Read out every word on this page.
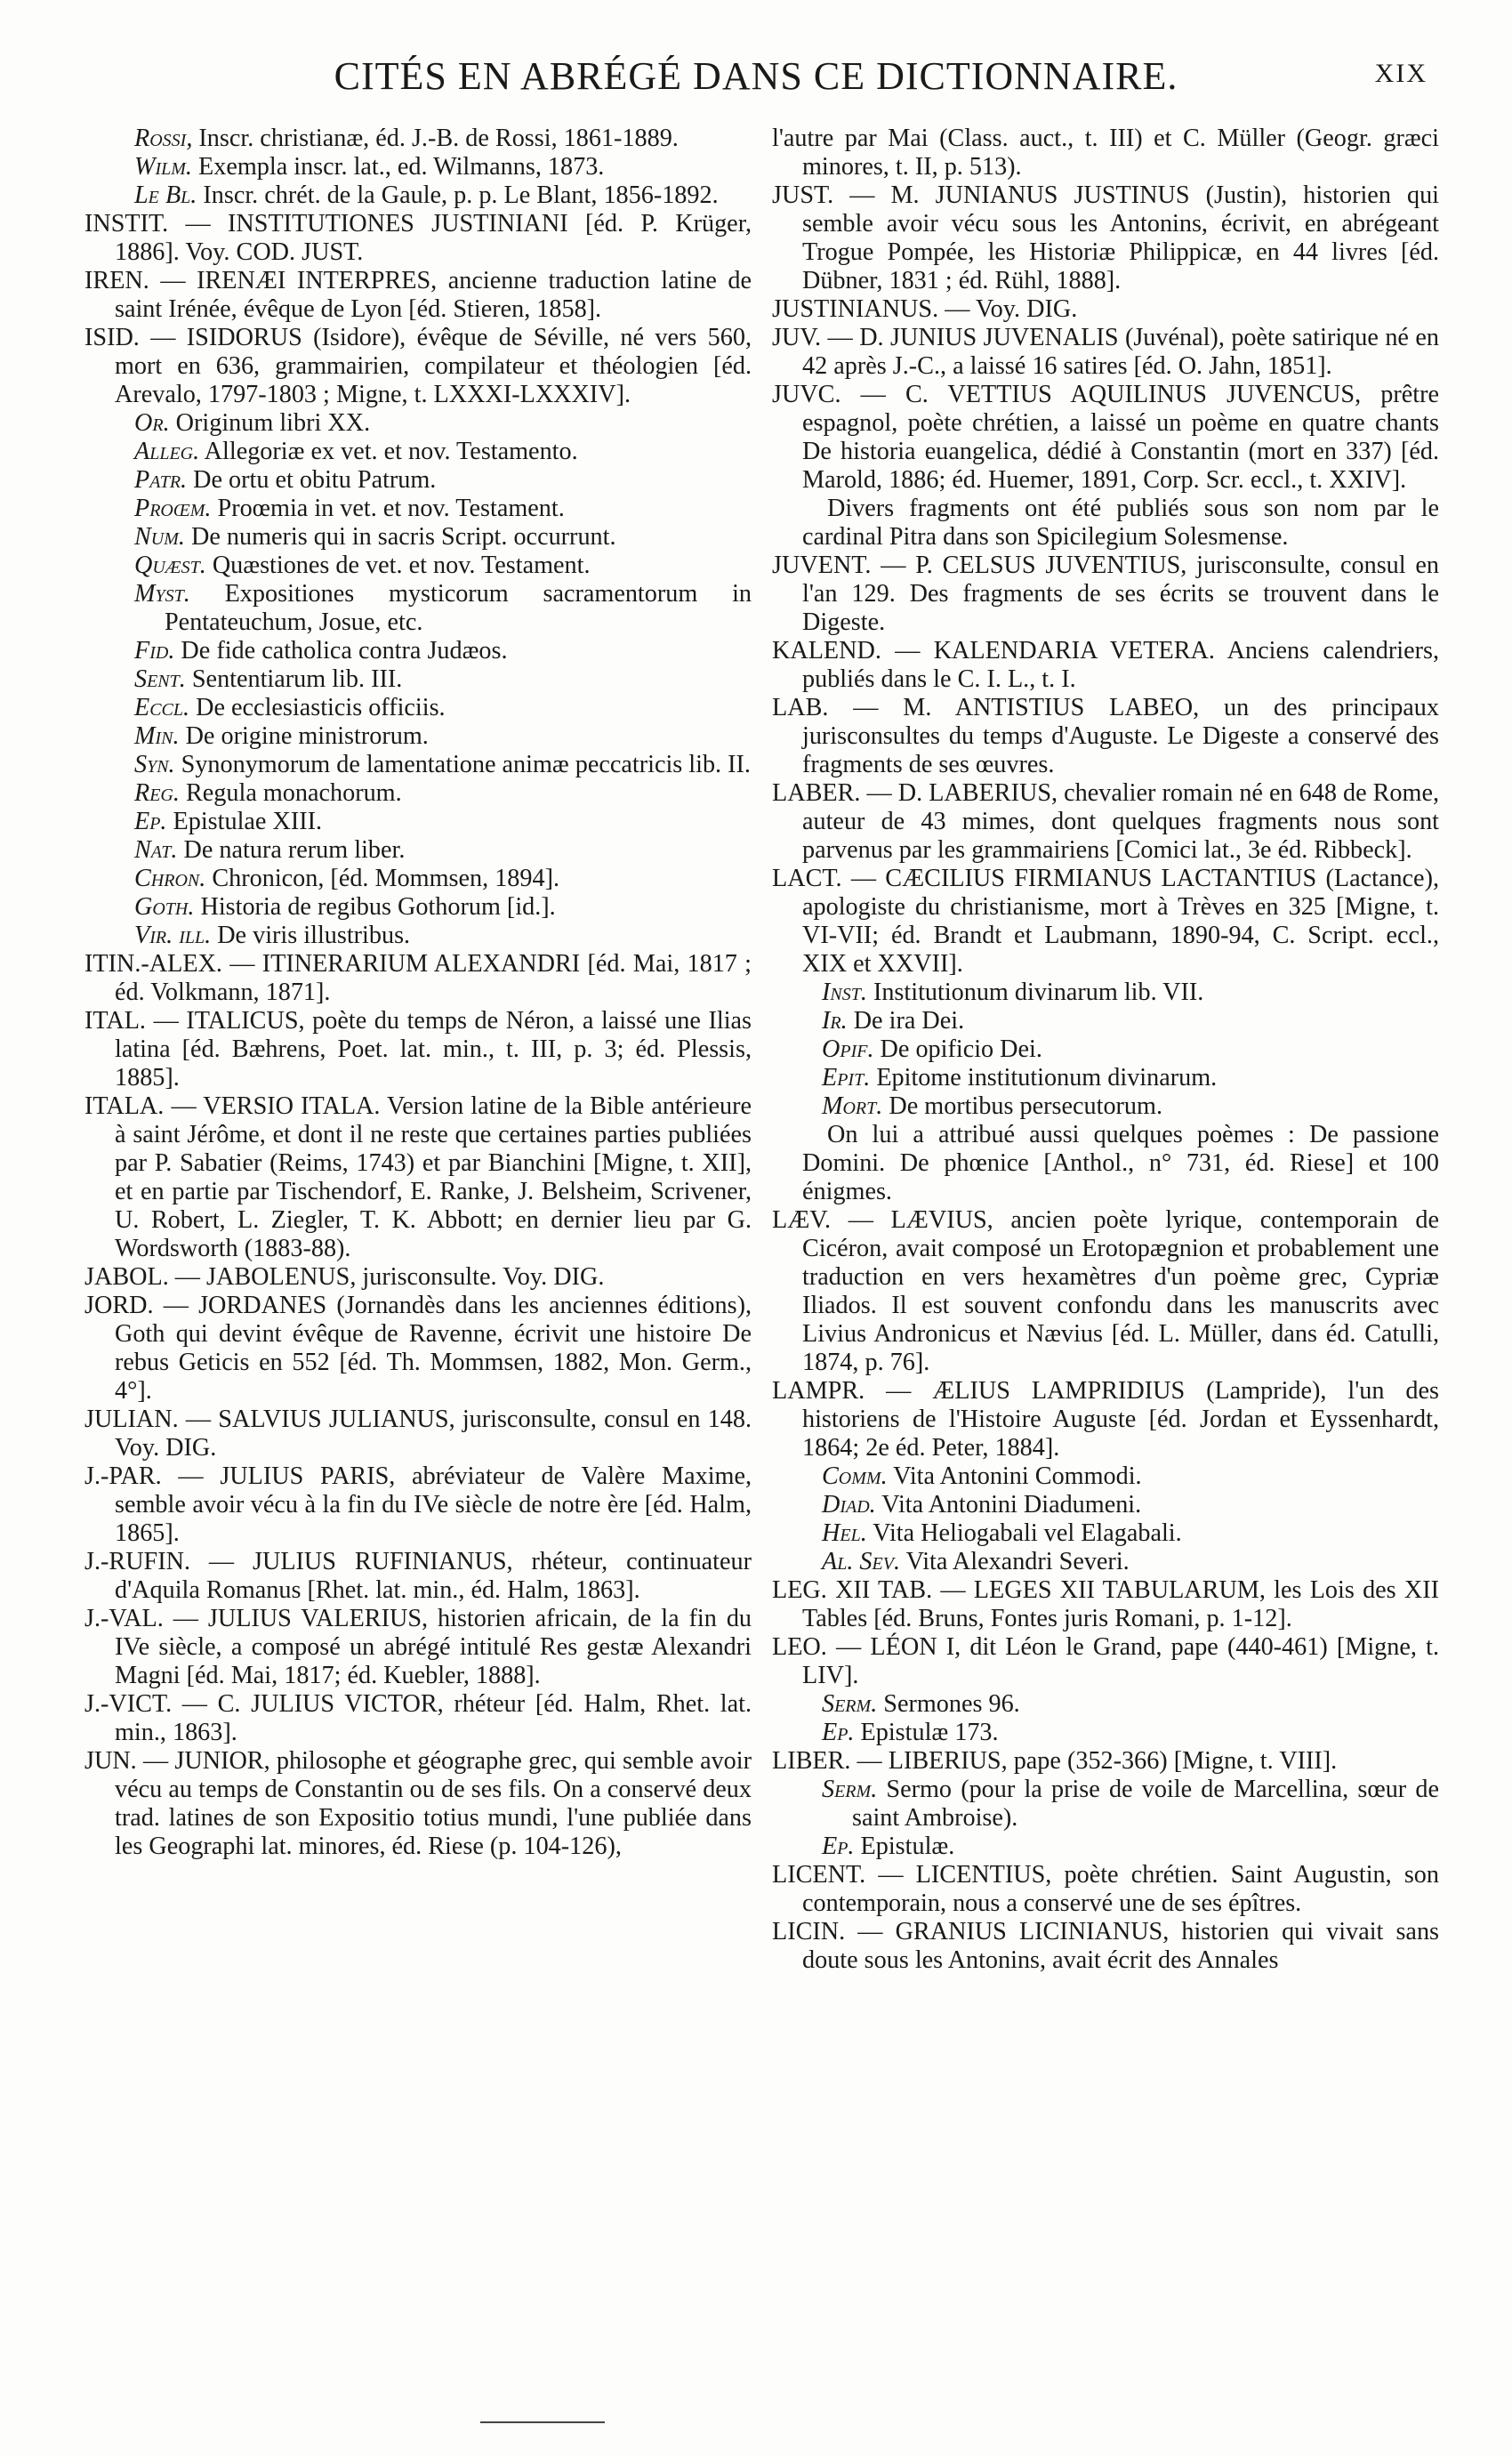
CITÉS EN ABRÉGÉ DANS CE DICTIONNAIRE.	XIX

Rossi, Inscr. christianæ, éd. J.-B. de Rossi, 1861-1889.

Wilm. Exempla inscr. lat., ed. Wilmanns, 1873.

Le Bl. Inscr. chrét. de la Gaule, p. p. Le Blant, 1856-1892.

INSTIT. — INSTITUTIONES JUSTINIANI [éd. P. Krüger, 1886]. Voy. COD. JUST.

IREN. — IRENÆI INTERPRES, ancienne traduction latine de saint Irénée, évêque de Lyon [éd. Stieren, 1858].

ISID. — ISIDORUS (Isidore), évêque de Séville, né vers 560, mort en 636, grammairien, compilateur et théologien [éd. Arevalo, 1797-1803 ; Migne, t. LXXXI-LXXXIV].

Or. Originum libri XX.

Alleg. Allegoriæ ex vet. et nov. Testamento.

Patr. De ortu et obitu Patrum.

Proœm. Proœmia in vet. et nov. Testament.

Num. De numeris qui in sacris Script. occurrunt.

Quæst. Quæstiones de vet. et nov. Testament.

Myst. Expositiones mysticorum sacramentorum in Pentateuchum, Josue, etc.

Fid. De fide catholica contra Judæos.

Sent. Sententiarum lib. III.

Eccl. De ecclesiasticis officiis.

Min. De origine ministrorum.

Syn. Synonymorum de lamentatione animæ peccatricis lib. II.

Reg. Regula monachorum.

Ep. Epistulae XIII.

Nat. De natura rerum liber.

Chron. Chronicon, [éd. Mommsen, 1894].

Goth. Historia de regibus Gothorum [id.].

Vir. ill. De viris illustribus.

ITIN.-ALEX. — ITINERARIUM ALEXANDRI [éd. Mai, 1817 ; éd. Volkmann, 1871].

ITAL. — ITALICUS, poète du temps de Néron, a laissé une Ilias latina [éd. Bæhrens, Poet. lat. min., t. III, p. 3; éd. Plessis, 1885].

ITALA. — VERSIO ITALA. Version latine de la Bible antérieure à saint Jérôme, et dont il ne reste que certaines parties publiées par P. Sabatier (Reims, 1743) et par Bianchini [Migne, t. XII], et en partie par Tischendorf, E. Ranke, J. Belsheim, Scrivener, U. Robert, L. Ziegler, T. K. Abbott; en dernier lieu par G. Wordsworth (1883-88).

JABOL. — JABOLENUS, jurisconsulte. Voy. DIG.

JORD. — JORDANES (Jornandès dans les anciennes éditions), Goth qui devint évêque de Ravenne, écrivit une histoire De rebus Geticis en 552 [éd. Th. Mommsen, 1882, Mon. Germ., 4°].

JULIAN. — SALVIUS JULIANUS, jurisconsulte, consul en 148. Voy. DIG.

J.-PAR. — JULIUS PARIS, abréviateur de Valère Maxime, semble avoir vécu à la fin du IVe siècle de notre ère [éd. Halm, 1865].

J.-RUFIN. — JULIUS RUFINIANUS, rhéteur, continuateur d'Aquila Romanus [Rhet. lat. min., éd. Halm, 1863].

J.-VAL. — JULIUS VALERIUS, historien africain, de la fin du IVe siècle, a composé un abrégé intitulé Res gestæ Alexandri Magni [éd. Mai, 1817; éd. Kuebler, 1888].

J.-VICT. — C. JULIUS VICTOR, rhéteur [éd. Halm, Rhet. lat. min., 1863].

JUN. — JUNIOR, philosophe et géographe grec, qui semble avoir vécu au temps de Constantin ou de ses fils. On a conservé deux trad. latines de son Expositio totius mundi, l'une publiée dans les Geographi lat. minores, éd. Riese (p. 104-126),

l'autre par Mai (Class. auct., t. III) et C. Müller (Geogr. græci minores, t. II, p. 513).

JUST. — M. JUNIANUS JUSTINUS (Justin), historien qui semble avoir vécu sous les Antonins, écrivit, en abrégeant Trogue Pompée, les Historiæ Philippicæ, en 44 livres [éd. Dübner, 1831 ; éd. Rühl, 1888].

JUSTINIANUS. — Voy. DIG.

JUV. — D. JUNIUS JUVENALIS (Juvénal), poète satirique né en 42 après J.-C., a laissé 16 satires [éd. O. Jahn, 1851].

JUVC. — C. VETTIUS AQUILINUS JUVENCUS, prêtre espagnol, poète chrétien, a laissé un poème en quatre chants De historia euangelica, dédié à Constantin (mort en 337) [éd. Marold, 1886; éd. Huemer, 1891, Corp. Scr. eccl., t. XXIV].

Divers fragments ont été publiés sous son nom par le cardinal Pitra dans son Spicilegium Solesmense.

JUVENT. — P. CELSUS JUVENTIUS, jurisconsulte, consul en l'an 129. Des fragments de ses écrits se trouvent dans le Digeste.

KALEND. — KALENDARIA VETERA. Anciens calendriers, publiés dans le C. I. L., t. I.

LAB. — M. ANTISTIUS LABEO, un des principaux jurisconsultes du temps d'Auguste. Le Digeste a conservé des fragments de ses œuvres.

LABER. — D. LABERIUS, chevalier romain né en 648 de Rome, auteur de 43 mimes, dont quelques fragments nous sont parvenus par les grammairiens [Comici lat., 3e éd. Ribbeck].

LACT. — CÆCILIUS FIRMIANUS LACTANTIUS (Lactance), apologiste du christianisme, mort à Trèves en 325 [Migne, t. VI-VII; éd. Brandt et Laubmann, 1890-94, C. Script. eccl., XIX et XXVII].

Inst. Institutionum divinarum lib. VII.

Ir. De ira Dei.

Opif. De opificio Dei.

Epit. Epitome institutionum divinarum.

Mort. De mortibus persecutorum.

On lui a attribué aussi quelques poèmes : De passione Domini. De phœnice [Anthol., n° 731, éd. Riese] et 100 énigmes.

LÆV. — LÆVIUS, ancien poète lyrique, contemporain de Cicéron, avait composé un Erotopægnion et probablement une traduction en vers hexamètres d'un poème grec, Cypriæ Iliados. Il est souvent confondu dans les manuscrits avec Livius Andronicus et Nævius [éd. L. Müller, dans éd. Catulli, 1874, p. 76].

LAMPR. — ÆLIUS LAMPRIDIUS (Lampride), l'un des historiens de l'Histoire Auguste [éd. Jordan et Eyssenhardt, 1864; 2e éd. Peter, 1884].

Comm. Vita Antonini Commodi.

Diad. Vita Antonini Diadumeni.

Hel. Vita Heliogabali vel Elagabali.

Al. Sev. Vita Alexandri Severi.

LEG. XII TAB. — LEGES XII TABULARUM, les Lois des XII Tables [éd. Bruns, Fontes juris Romani, p. 1-12].

LEO. — LÉON I, dit Léon le Grand, pape (440-461) [Migne, t. LIV].

Serm. Sermones 96.

Ep. Epistulæ 173.

LIBER. — LIBERIUS, pape (352-366) [Migne, t. VIII].

Serm. Sermo (pour la prise de voile de Marcellina, sœur de saint Ambroise).

Ep. Epistulæ.

LICENT. — LICENTIUS, poète chrétien. Saint Augustin, son contemporain, nous a conservé une de ses épîtres.

LICIN. — GRANIUS LICINIANUS, historien qui vivait sans doute sous les Antonins, avait écrit des Annales
